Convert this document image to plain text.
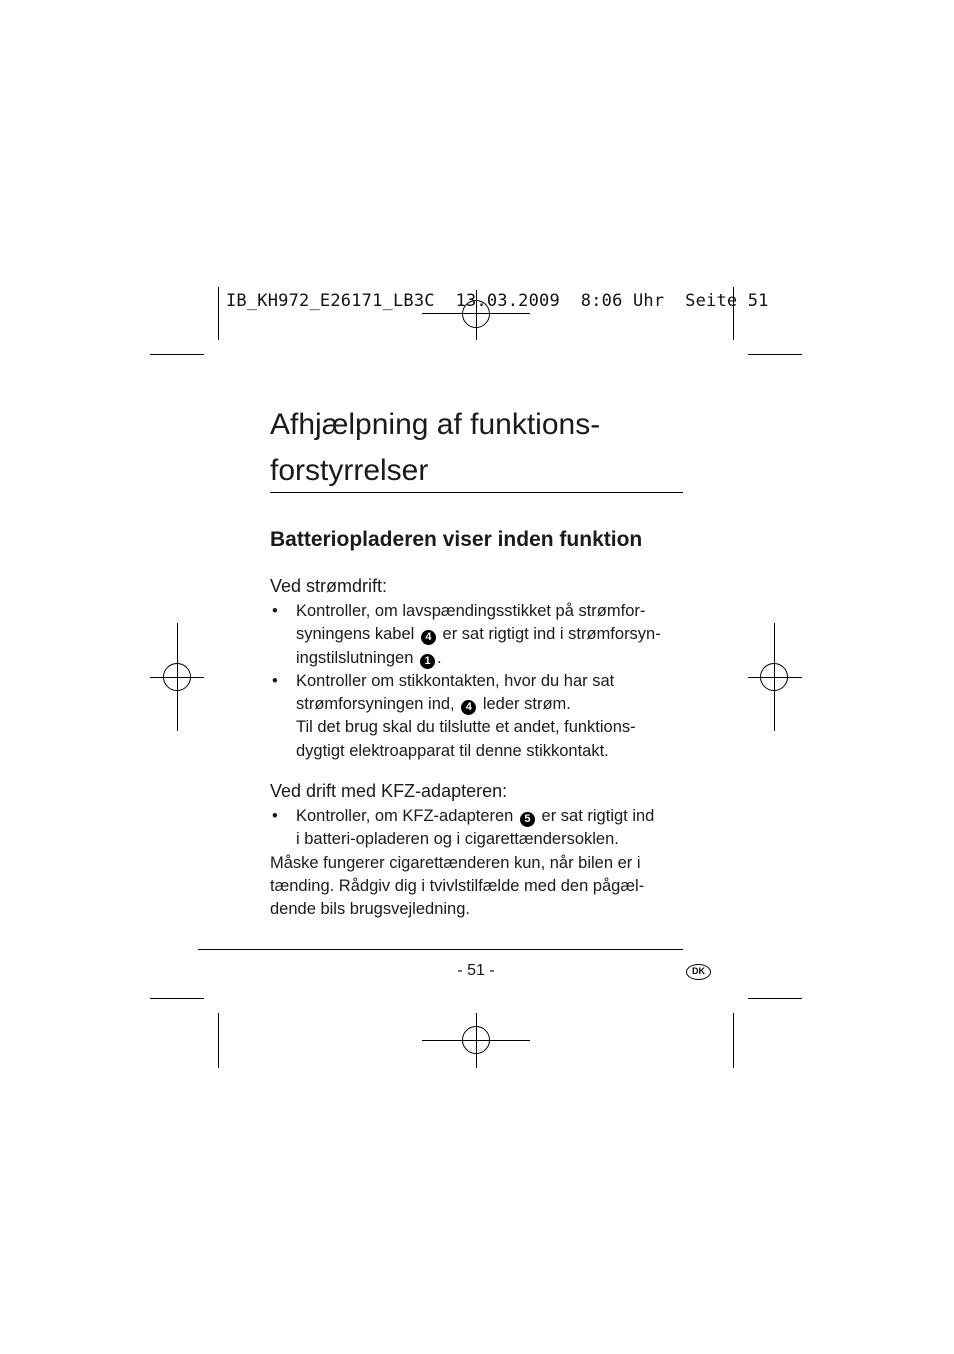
IB_KH972_E26171_LB3C  13.03.2009  8:06 Uhr  Seite 51
Afhjælpning af funktions-
forstyrrelser
Batteriopladeren viser inden funktion
Ved strømdrift:
• Kontroller, om lavspændingsstikket på strømfor-
syningens kabel 4 er sat rigtigt ind i strømforsyn-
ingstilslutningen 1 .
• Kontroller om stikkontakten, hvor du har sat
strømforsyningen ind, 4 leder strøm.
Til det brug skal du tilslutte et andet, funktions-
dygtigt elektroapparat til denne stikkontakt.
Ved drift med KFZ-adapteren:
• Kontroller, om KFZ-adapteren 5 er sat rigtigt ind
i batteri-opladeren og i cigarettændersoklen.
Måske fungerer cigarettænderen kun, når bilen er i
tænding. Rådgiv dig i tvivlstilfælde med den pågæl-
dende bils brugsvejledning.
- 51 -	DK
